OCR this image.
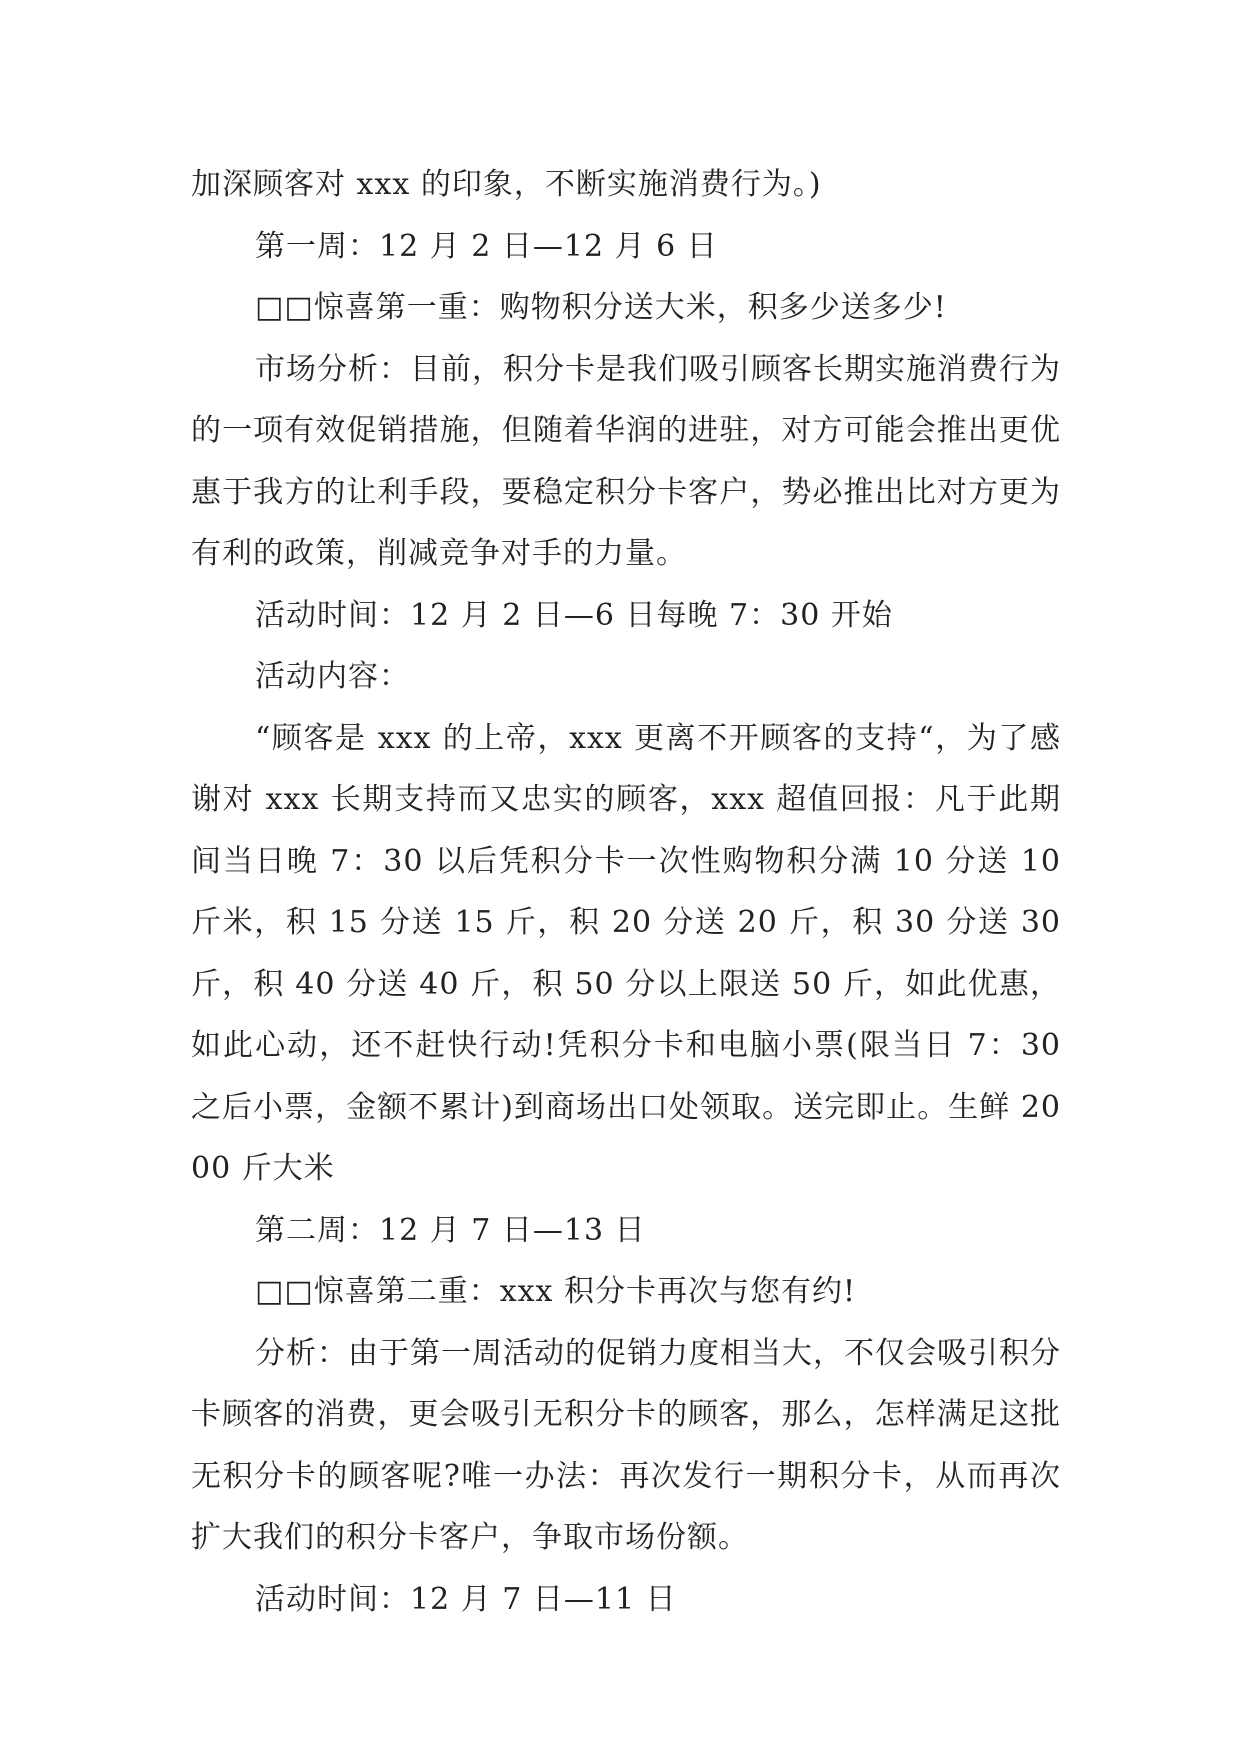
加深顾客对 xxx 的印象，不断实施消费行为。)

第一周：12 月 2 日—12 月 6 日

□□惊喜第一重：购物积分送大米，积多少送多少!

市场分析：目前，积分卡是我们吸引顾客长期实施消费行为的一项有效促销措施，但随着华润的进驻，对方可能会推出更优惠于我方的让利手段，要稳定积分卡客户，势必推出比对方更为有利的政策，削减竞争对手的力量。

活动时间：12 月 2 日—6 日每晚 7：30 开始

活动内容：

“顾客是 xxx 的上帝，xxx 更离不开顾客的支持“，为了感谢对 xxx 长期支持而又忠实的顾客，xxx 超值回报：凡于此期间当日晚 7：30 以后凭积分卡一次性购物积分满 10 分送 10 斤米，积 15 分送 15 斤，积 20 分送 20 斤，积 30 分送 30 斤，积 40 分送 40 斤，积 50 分以上限送 50 斤，如此优惠，如此心动，还不赶快行动!凭积分卡和电脑小票(限当日 7：30 之后小票，金额不累计)到商场出口处领取。送完即止。生鲜 2000 斤大米

第二周：12 月 7 日—13 日

□□惊喜第二重：xxx 积分卡再次与您有约!

分析：由于第一周活动的促销力度相当大，不仅会吸引积分卡顾客的消费，更会吸引无积分卡的顾客，那么，怎样满足这批无积分卡的顾客呢?唯一办法：再次发行一期积分卡，从而再次扩大我们的积分卡客户，争取市场份额。

活动时间：12 月 7 日—11 日
